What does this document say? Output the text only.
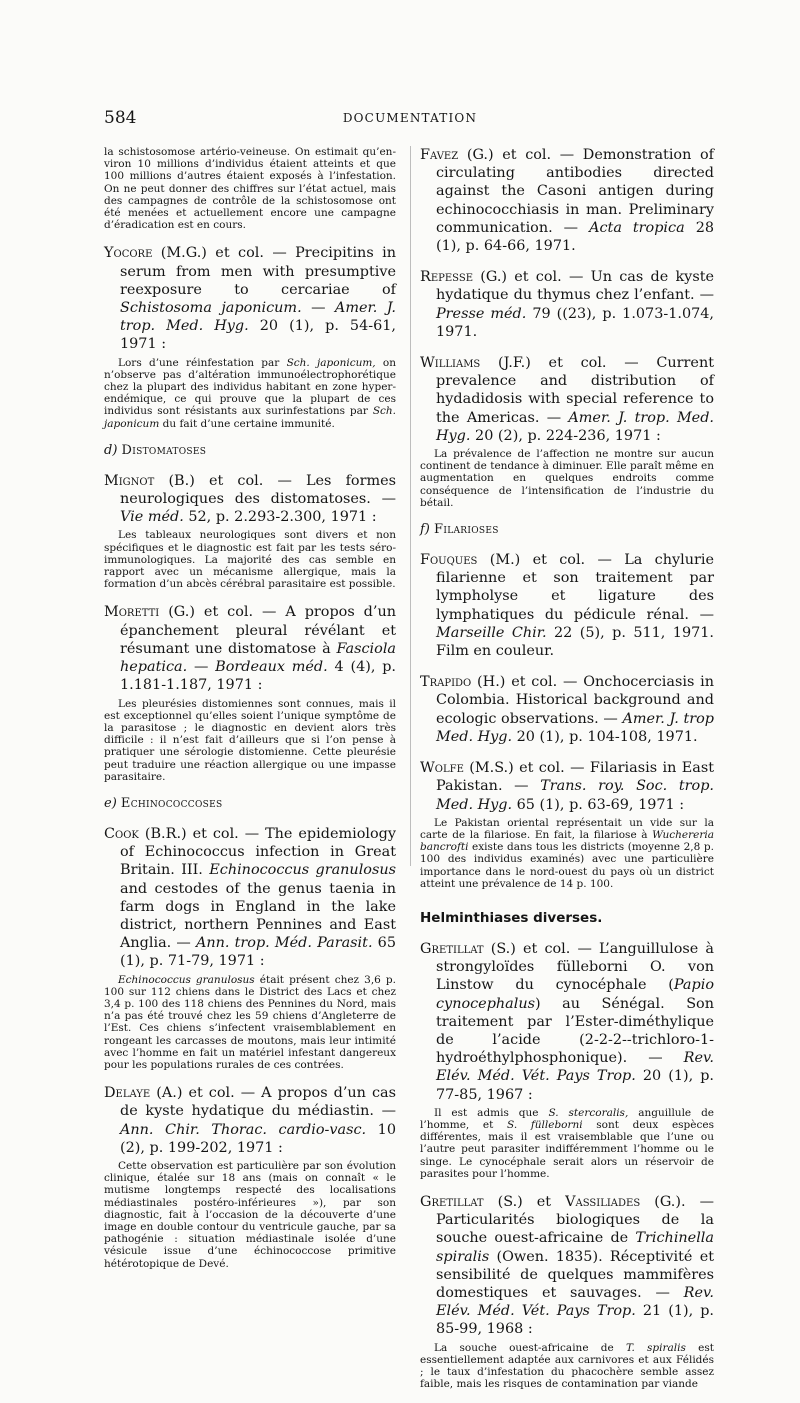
584	DOCUMENTATION

la schistosomose artério-veineuse. On estimait qu’en-viron 10 millions d’individus étaient atteints et que 100 millions d’autres étaient exposés à l’infestation. On ne peut donner des chiffres sur l’état actuel, mais des campagnes de contrôle de la schistosomose ont été menées et actuellement encore une campagne d’éradication est en cours.

Yocore (M.G.) et col. — Precipitins in serum from men with presumptive reexposure to cercariae of Schistosoma japonicum. — Amer. J. trop. Med. Hyg. 20 (1), p. 54-61, 1971 :

Lors d’une réinfestation par Sch. japonicum, on n’observe pas d’altération immunoélectrophorétique chez la plupart des individus habitant en zone hyper-endémique, ce qui prouve que la plupart de ces individus sont résistants aux surinfestations par Sch. japonicum du fait d’une certaine immunité.

d) Distomatoses

Mignot (B.) et col. — Les formes neurologiques des distomatoses. — Vie méd. 52, p. 2.293-2.300, 1971 :

Les tableaux neurologiques sont divers et non spécifiques et le diagnostic est fait par les tests séro-immunologiques. La majorité des cas semble en rapport avec un mécanisme allergique, mais la formation d’un abcès cérébral parasitaire est possible.

Moretti (G.) et col. — A propos d’un épanchement pleural révélant et résumant une distomatose à Fasciola hepatica. — Bordeaux méd. 4 (4), p. 1.181-1.187, 1971 :

Les pleurésies distomiennes sont connues, mais il est exceptionnel qu’elles soient l’unique symptôme de la parasitose ; le diagnostic en devient alors très difficile : il n’est fait d’ailleurs que si l’on pense à pratiquer une sérologie distomienne. Cette pleurésie peut traduire une réaction allergique ou une impasse parasitaire.

e) Echinococcoses

Cook (B.R.) et col. — The epidemiology of Echinococcus infection in Great Britain. III. Echinococcus granulosus and cestodes of the genus taenia in farm dogs in England in the lake district, northern Pennines and East Anglia. — Ann. trop. Méd. Parasit. 65 (1), p. 71-79, 1971 :

Echinococcus granulosus était présent chez 3,6 p. 100 sur 112 chiens dans le District des Lacs et chez 3,4 p. 100 des 118 chiens des Pennines du Nord, mais n’a pas été trouvé chez les 59 chiens d’Angleterre de l’Est. Ces chiens s’infectent vraisemblablement en rongeant les carcasses de moutons, mais leur intimité avec l’homme en fait un matériel infestant dangereux pour les populations rurales de ces contrées.

Delaye (A.) et col. — A propos d’un cas de kyste hydatique du médiastin. — Ann. Chir. Thorac. cardio-vasc. 10 (2), p. 199-202, 1971 :

Cette observation est particulière par son évolution clinique, étalée sur 18 ans (mais on connaît « le mutisme longtemps respecté des localisations médiastinales postéro-inférieures »), par son diagnostic, fait à l’occasion de la découverte d’une image en double contour du ventricule gauche, par sa pathogénie : situation médiastinale isolée d’une vésicule issue d’une échinococcose primitive hétérotopique de Devé.

Favez (G.) et col. — Demonstration of circulating antibodies directed against the Casoni antigen during echinococchiasis in man. Preliminary communication. — Acta tropica 28 (1), p. 64-66, 1971.

Repesse (G.) et col. — Un cas de kyste hydatique du thymus chez l’enfant. — Presse méd. 79 ((23), p. 1.073-1.074, 1971.

Williams (J.F.) et col. — Current prevalence and distribution of hydadidosis with special reference to the Americas. — Amer. J. trop. Med. Hyg. 20 (2), p. 224-236, 1971 :

La prévalence de l’affection ne montre sur aucun continent de tendance à diminuer. Elle paraît même en augmentation en quelques endroits comme conséquence de l’intensification de l’industrie du bétail.

f) Filarioses

Fouques (M.) et col. — La chylurie filarienne et son traitement par lympholyse et ligature des lymphatiques du pédicule rénal. — Marseille Chir. 22 (5), p. 511, 1971. Film en couleur.

Trapido (H.) et col. — Onchocerciasis in Colombia. Historical background and ecologic observations. — Amer. J. trop Med. Hyg. 20 (1), p. 104-108, 1971.

Wolfe (M.S.) et col. — Filariasis in East Pakistan. — Trans. roy. Soc. trop. Med. Hyg. 65 (1), p. 63-69, 1971 :

Le Pakistan oriental représentait un vide sur la carte de la filariose. En fait, la filariose à Wuchereria bancrofti existe dans tous les districts (moyenne 2,8 p. 100 des individus examinés) avec une particulière importance dans le nord-ouest du pays où un district atteint une prévalence de 14 p. 100.

Helminthiases diverses.

Gretillat (S.) et col. — L’anguillulose à strongyloïdes fülleborni O. von Linstow du cynocéphale (Papio cynocephalus) au Sénégal. Son traitement par l’Ester-diméthylique de l’acide (2-2-2--trichloro-1-hydroéthylphosphonique). — Rev. Elév. Méd. Vét. Pays Trop. 20 (1), p. 77-85, 1967 :

Il est admis que S. stercoralis, anguillule de l’homme, et S. fülleborni sont deux espèces différentes, mais il est vraisemblable que l’une ou l’autre peut parasiter indifféremment l’homme ou le singe. Le cynocéphale serait alors un réservoir de parasites pour l’homme.

Gretillat (S.) et Vassiliades (G.). — Particularités biologiques de la souche ouest-africaine de Trichinella spiralis (Owen. 1835). Réceptivité et sensibilité de quelques mammifères domestiques et sauvages. — Rev. Elév. Méd. Vét. Pays Trop. 21 (1), p. 85-99, 1968 :

La souche ouest-africaine de T. spiralis est essentiellement adaptée aux carnivores et aux Félidés ; le taux d’infestation du phacochère semble assez faible, mais les risques de contamination par viande
